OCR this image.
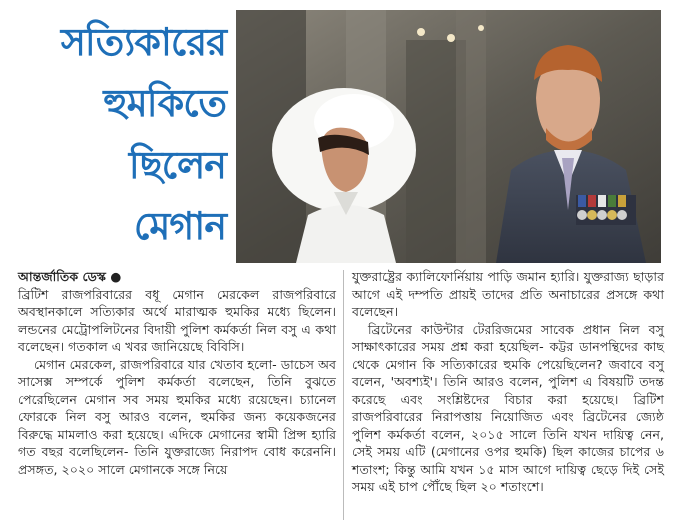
সত্যিকারের
হুমকিতে
ছিলেন
মেগান
আন্তর্জাতিক ডেস্ক ●

ব্রিটিশ রাজপরিবারের বধূ মেগান মেরকেল রাজপরিবারে অবস্থানকালে সত্যিকার অর্থে মারাত্মক হুমকির মধ্যে ছিলেন। লন্ডনের মেট্রোপলিটনের বিদায়ী পুলিশ কর্মকর্তা নিল বসু এ কথা বলেছেন। গতকাল এ খবর জানিয়েছে বিবিসি।

মেগান মেরকেল, রাজপরিবারে যার খেতাব হলো- ডাচেস অব সাসেক্স সম্পর্কে পুলিশ কর্মকর্তা বলেছেন, তিনি বুঝতে পেরেছিলেন মেগান সব সময় হুমকির মধ্যে রয়েছেন। চ্যানেল ফোরকে নিল বসু আরও বলেন, হুমকির জন্য কয়েকজনের বিরুদ্ধে মামলাও করা হয়েছে। এদিকে মেগানের স্বামী প্রিন্স হ্যারি গত বছর বলেছিলেন- তিনি যুক্তরাজ্যে নিরাপদ বোধ করেননি। প্রসঙ্গত, ২০২০ সালে মেগানকে সঙ্গে নিয়ে

যুক্তরাষ্ট্রের ক্যালিফোর্নিয়ায় পাড়ি জমান হ্যারি। যুক্তরাজ্য ছাড়ার আগে এই দম্পতি প্রায়ই তাদের প্রতি অনাচারের প্রসঙ্গে কথা বলেছেন।

ব্রিটেনের কাউন্টার টেররিজমের সাবেক প্রধান নিল বসু সাক্ষাৎকারের সময় প্রশ্ন করা হয়েছিল- কট্টর ডানপন্থিদের কাছ থেকে মেগান কি সত্যিকারের হুমকি পেয়েছিলেন? জবাবে বসু বলেন, 'অবশ্যই'। তিনি আরও বলেন, পুলিশ এ বিষয়টি তদন্ত করেছে এবং সংশ্লিষ্টদের বিচার করা হয়েছে। ব্রিটিশ রাজপরিবারের নিরাপত্তায় নিয়োজিত এবং ব্রিটেনের জ্যেষ্ঠ পুলিশ কর্মকর্তা বলেন, ২০১৫ সালে তিনি যখন দায়িত্ব নেন, সেই সময় এটি (মেগানের ওপর হুমকি) ছিল কাজের চাপের ৬ শতাংশ; কিন্তু আমি যখন ১৫ মাস আগে দায়িত্ব ছেড়ে দিই সেই সময় এই চাপ পৌঁছে ছিল ২০ শতাংশে।
